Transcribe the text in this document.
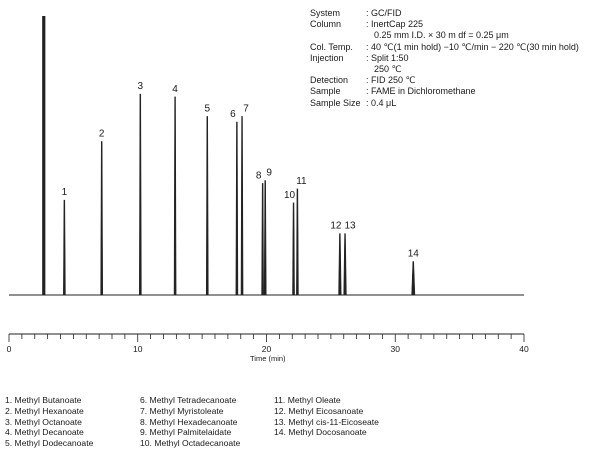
1
2
3	4
5
6
7
8 9
10
11
12 13
14
0	10	20	30	40
System	: GC/FID
Column	: InertCap 225
0.25 mm I.D. × 30 m df = 0.25 μm
Col. Temp.	: 40 ℃(1 min hold) −10 ℃/min − 220 ℃(30 min hold)
Injection	: Split 1:50
250 ℃
Detection	: FID 250 ℃
Sample	: FAME in Dichloromethane
Sample Size : 0.4 μL
Time (min)
1. Methyl Butanoate
2. Methyl Hexanoate
3. Methyl Octanoate
4. Methyl Decanoate
5. Methyl Dodecanoate
6. Methyl Tetradecanoate
7. Methyl Myristoleate
8. Methyl Hexadecanoate
9. Methyl Palmitelaidate
10. Methyl Octadecanoate
11. Methyl Oleate
12. Methyl Eicosanoate
13. Methyl cis-11-Eicoseate
14. Methyl Docosanoate
